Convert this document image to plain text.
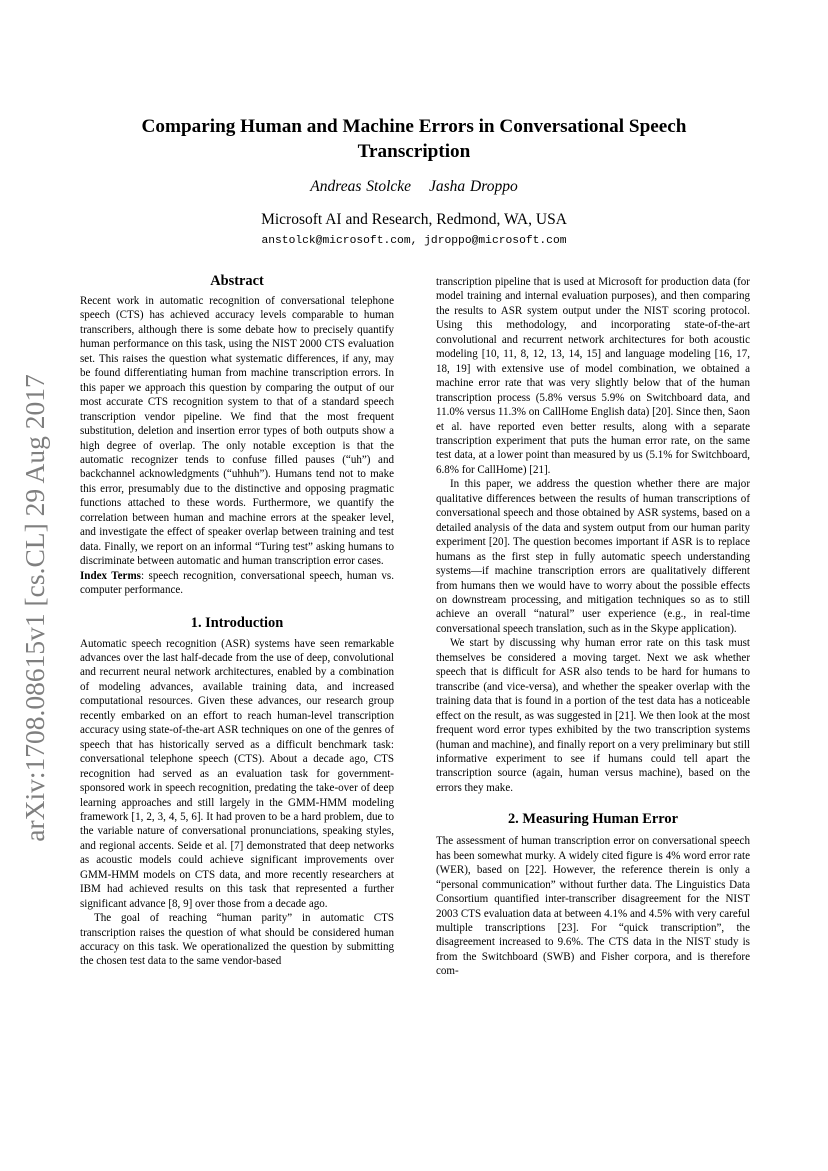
arXiv:1708.08615v1 [cs.CL] 29 Aug 2017
Comparing Human and Machine Errors in Conversational Speech Transcription
Andreas Stolcke Jasha Droppo
Microsoft AI and Research, Redmond, WA, USA
anstolck@microsoft.com, jdroppo@microsoft.com
Abstract

Recent work in automatic recognition of conversational telephone speech (CTS) has achieved accuracy levels comparable to human transcribers, although there is some debate how to precisely quantify human performance on this task, using the NIST 2000 CTS evaluation set. This raises the question what systematic differences, if any, may be found differentiating human from machine transcription errors. In this paper we approach this question by comparing the output of our most accurate CTS recognition system to that of a standard speech transcription vendor pipeline. We find that the most frequent substitution, deletion and insertion error types of both outputs show a high degree of overlap. The only notable exception is that the automatic recognizer tends to confuse filled pauses (“uh”) and backchannel acknowledgments (“uhhuh”). Humans tend not to make this error, presumably due to the distinctive and opposing pragmatic functions attached to these words. Furthermore, we quantify the correlation between human and machine errors at the speaker level, and investigate the effect of speaker overlap between training and test data. Finally, we report on an informal “Turing test” asking humans to discriminate between automatic and human transcription error cases.

Index Terms: speech recognition, conversational speech, human vs. computer performance.

1. Introduction

Automatic speech recognition (ASR) systems have seen remarkable advances over the last half-decade from the use of deep, convolutional and recurrent neural network architectures, enabled by a combination of modeling advances, available training data, and increased computational resources. Given these advances, our research group recently embarked on an effort to reach human-level transcription accuracy using state-of-the-art ASR techniques on one of the genres of speech that has historically served as a difficult benchmark task: conversational telephone speech (CTS). About a decade ago, CTS recognition had served as an evaluation task for government-sponsored work in speech recognition, predating the take-over of deep learning approaches and still largely in the GMM-HMM modeling framework [1, 2, 3, 4, 5, 6]. It had proven to be a hard problem, due to the variable nature of conversational pronunciations, speaking styles, and regional accents. Seide et al. [7] demonstrated that deep networks as acoustic models could achieve significant improvements over GMM-HMM models on CTS data, and more recently researchers at IBM had achieved results on this task that represented a further significant advance [8, 9] over those from a decade ago.

The goal of reaching “human parity” in automatic CTS transcription raises the question of what should be considered human accuracy on this task. We operationalized the question by submitting the chosen test data to the same vendor-based

transcription pipeline that is used at Microsoft for production data (for model training and internal evaluation purposes), and then comparing the results to ASR system output under the NIST scoring protocol. Using this methodology, and incorporating state-of-the-art convolutional and recurrent network architectures for both acoustic modeling [10, 11, 8, 12, 13, 14, 15] and language modeling [16, 17, 18, 19] with extensive use of model combination, we obtained a machine error rate that was very slightly below that of the human transcription process (5.8% versus 5.9% on Switchboard data, and 11.0% versus 11.3% on CallHome English data) [20]. Since then, Saon et al. have reported even better results, along with a separate transcription experiment that puts the human error rate, on the same test data, at a lower point than measured by us (5.1% for Switchboard, 6.8% for CallHome) [21].

In this paper, we address the question whether there are major qualitative differences between the results of human transcriptions of conversational speech and those obtained by ASR systems, based on a detailed analysis of the data and system output from our human parity experiment [20]. The question becomes important if ASR is to replace humans as the first step in fully automatic speech understanding systems—if machine transcription errors are qualitatively different from humans then we would have to worry about the possible effects on downstream processing, and mitigation techniques so as to still achieve an overall “natural” user experience (e.g., in real-time conversational speech translation, such as in the Skype application).

We start by discussing why human error rate on this task must themselves be considered a moving target. Next we ask whether speech that is difficult for ASR also tends to be hard for humans to transcribe (and vice-versa), and whether the speaker overlap with the training data that is found in a portion of the test data has a noticeable effect on the result, as was suggested in [21]. We then look at the most frequent word error types exhibited by the two transcription systems (human and machine), and finally report on a very preliminary but still informative experiment to see if humans could tell apart the transcription source (again, human versus machine), based on the errors they make.

2. Measuring Human Error

The assessment of human transcription error on conversational speech has been somewhat murky. A widely cited figure is 4% word error rate (WER), based on [22]. However, the reference therein is only a “personal communication” without further data. The Linguistics Data Consortium quantified inter-transcriber disagreement for the NIST 2003 CTS evaluation data at between 4.1% and 4.5% with very careful multiple transcriptions [23]. For “quick transcription”, the disagreement increased to 9.6%. The CTS data in the NIST study is from the Switchboard (SWB) and Fisher corpora, and is therefore com-
